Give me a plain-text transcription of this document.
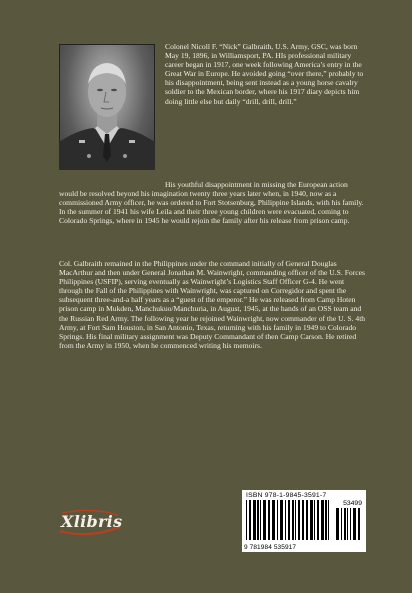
Colonel Nicoll F. “Nick” Galbraith, U.S. Army, GSC, was born May 19, 1896, in Williamsport, PA. HIs professional military career began in 1917, one week following America’s entry in the Great War in Europe. He avoided going “over there,” probably to his disappointment, being sent instead as a young horse cavalry soldier to the Mexican border, where his 1917 diary depicts him doing little else but daily “drill, drill, drill.”

His youthful disappointment in missing the European action would be resolved beyond his imagination twenty three years later when, in 1940, now as a commissioned Army officer, he was ordered to Fort Stotsenburg, Philippine Islands, with his family. In the summer of 1941 his wife Leila and their three young children were evacuated, coming to Colorado Springs, where in 1945 he would rejoin the family after his release from prison camp.

Col. Galbraith remained in the Philippines under the command initially of General Douglas MacArthur and then under General Jonathan M. Wainwright, commanding officer of the U.S. Forces Philippines (USFIP), serving eventually as Wainwright’s Logistics Staff Officer G-4. He went through the Fall of the Philippines with Wainwright, was captured on Corregidor and spent the subsequent three-and-a half years as a “guest of the emperor.” He was released from Camp Hoten prison camp in Mukden, Manchukuo/Manchuria, in August, 1945, at the hands of an OSS team and the Russian Red Army. The following year he rejoined Wainwright, now commander of the U. S. 4th Army, at Fort Sam Houston, in San Antonio, Texas, returning with his family in 1949 to Colorado Springs. His final military assignment was Deputy Commandant of then Camp Carson. He retired from the Army in 1950, when he commenced writing his memoirs.

Xlibris
ISBN 978-1-9845-3591-7
53499
9 781984 535917
